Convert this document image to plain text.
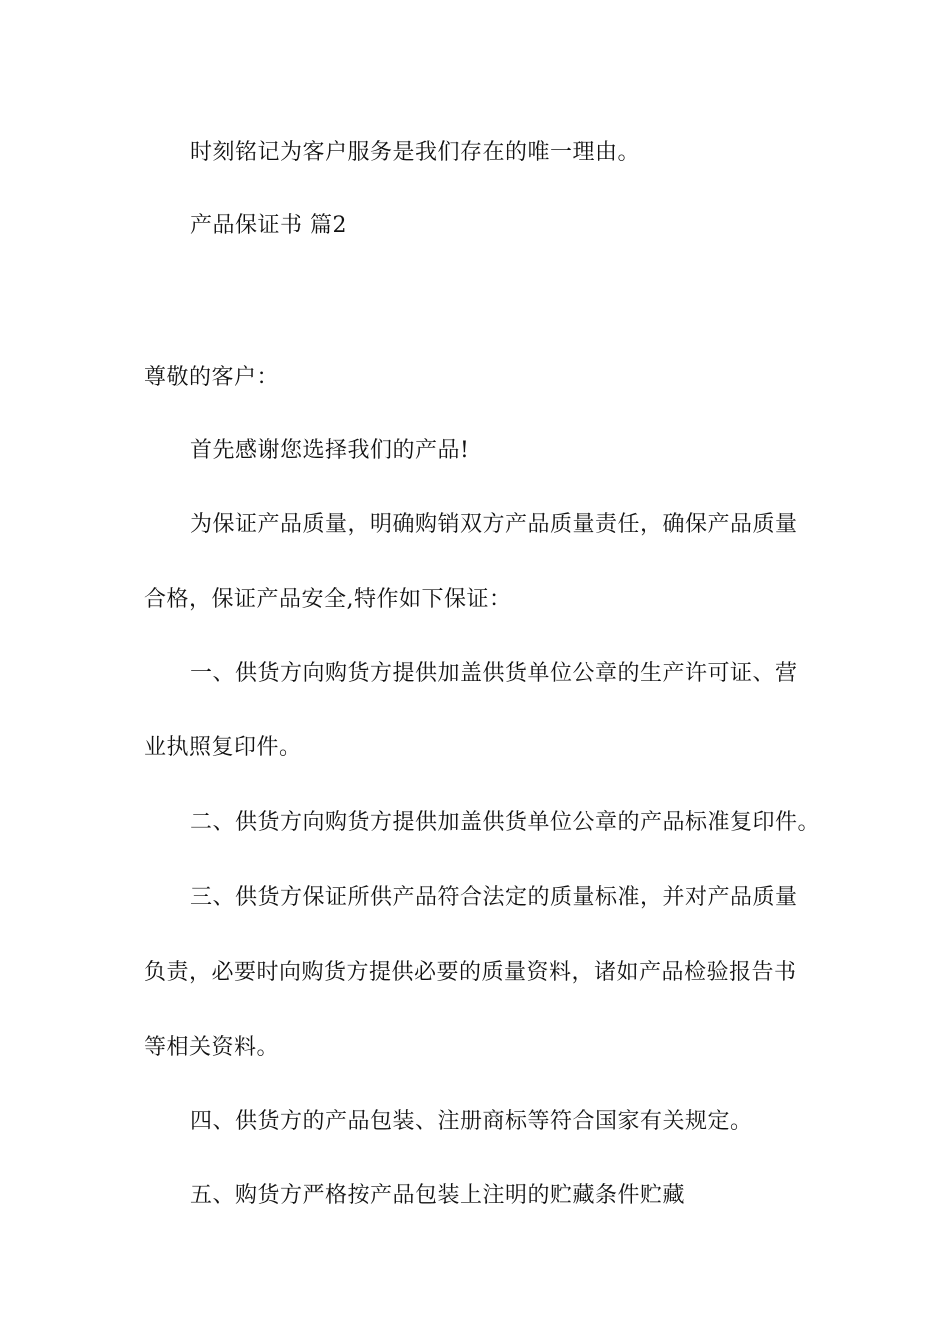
时刻铭记为客户服务是我们存在的唯一理由。

产品保证书 篇2

尊敬的客户：

首先感谢您选择我们的产品!

为保证产品质量，明确购销双方产品质量责任，确保产品质量

合格，保证产品安全,特作如下保证：

一、供货方向购货方提供加盖供货单位公章的生产许可证、营

业执照复印件。

二、供货方向购货方提供加盖供货单位公章的产品标准复印件。

三、供货方保证所供产品符合法定的质量标准，并对产品质量

负责，必要时向购货方提供必要的质量资料，诸如产品检验报告书

等相关资料。

四、供货方的产品包装、注册商标等符合国家有关规定。

五、购货方严格按产品包装上注明的贮藏条件贮藏
